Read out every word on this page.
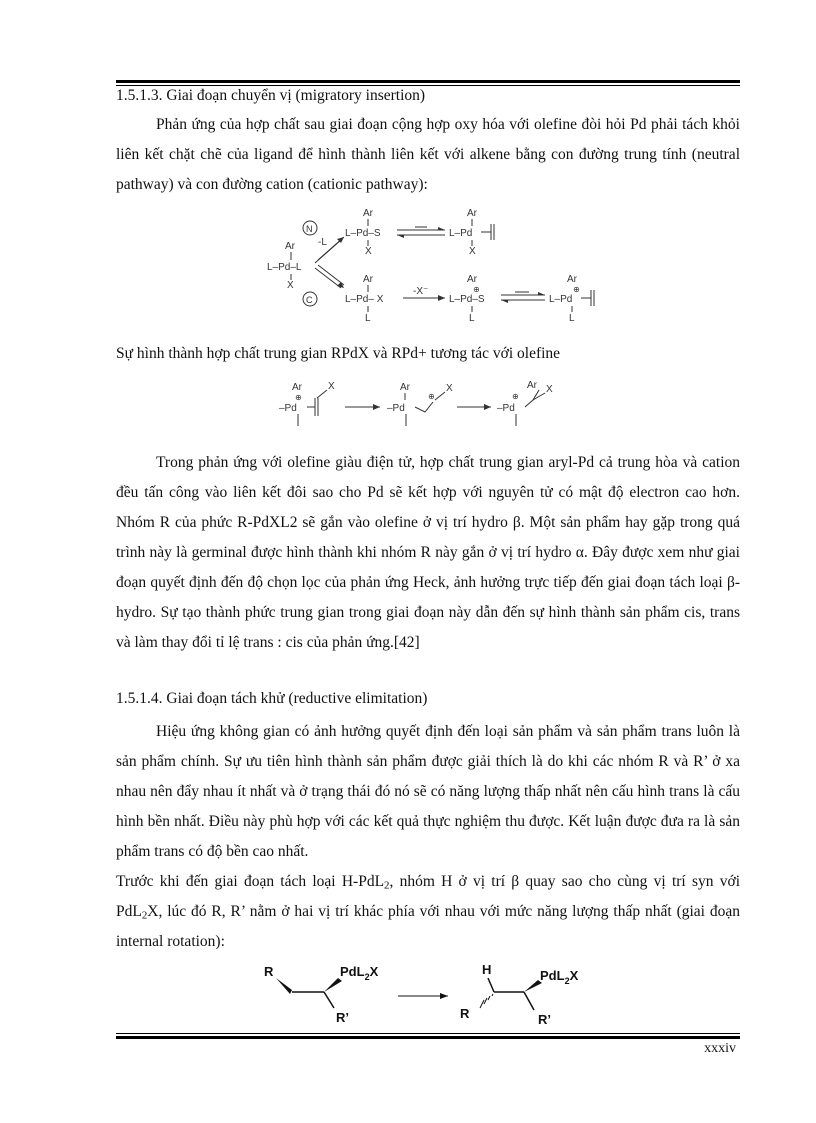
1.5.1.3. Giai đoạn chuyển vị (migratory insertion)
Phản ứng của hợp chất sau giai đoạn cộng hợp oxy hóa với olefine đòi hỏi Pd phải tách khỏi liên kết chặt chẽ của ligand để hình thành liên kết với alkene bằng con đường trung tính (neutral pathway) và con đường cation (cationic pathway):
Ar
L–Pd–L
X
N
C
-L
Ar
L–Pd–S
X
Ar
L–Pd
X
Ar
L–Pd– X
L
-X⁻
Ar
⊕
L–Pd–S
L
Ar
⊕
L–Pd
L
Sự hình thành hợp chất trung gian RPdX và RPd+ tương tác với olefine
Ar
⊕
–Pd
X	Ar
–Pd
⊕
X
⊕
–Pd
Ar X
Trong phản ứng với olefine giàu điện tử, hợp chất trung gian aryl-Pd cả trung hòa và cation đều tấn công vào liên kết đôi sao cho Pd sẽ kết hợp với nguyên tử có mật độ electron cao hơn. Nhóm R của phức R-PdXL2 sẽ gắn vào olefine ở vị trí hydro β. Một sản phẩm hay gặp trong quá trình này là germinal được hình thành khi nhóm R này gắn ở vị trí hydro α. Đây được xem như giai đoạn quyết định đến độ chọn lọc của phản ứng Heck, ảnh hưởng trực tiếp đến giai đoạn tách loại β-hydro. Sự tạo thành phức trung gian trong giai đoạn này dẫn đến sự hình thành sản phẩm cis, trans và làm thay đổi tỉ lệ trans : cis của phản ứng.[42]
1.5.1.4. Giai đoạn tách khử (reductive elimitation)
Hiệu ứng không gian có ảnh hưởng quyết định đến loại sản phẩm và sản phẩm trans luôn là sản phẩm chính. Sự ưu tiên hình thành sản phẩm được giải thích là do khi các nhóm R và R’ ở xa nhau nên đẩy nhau ít nhất và ở trạng thái đó nó sẽ có năng lượng thấp nhất nên cấu hình trans là cấu hình bền nhất. Điều này phù hợp với các kết quả thực nghiệm thu được. Kết luận được đưa ra là sản phẩm trans có độ bền cao nhất.
Trước khi đến giai đoạn tách loại H-PdL$_2$, nhóm H ở vị trí β quay sao cho cùng vị trí syn với PdL$_2$X, lúc đó R, R’ nằm ở hai vị trí khác phía với nhau với mức năng lượng thấp nhất (giai đoạn internal rotation):
R	PdL$_2$X
R’
H
R
PdL$_2$X
R’
xxxiv
